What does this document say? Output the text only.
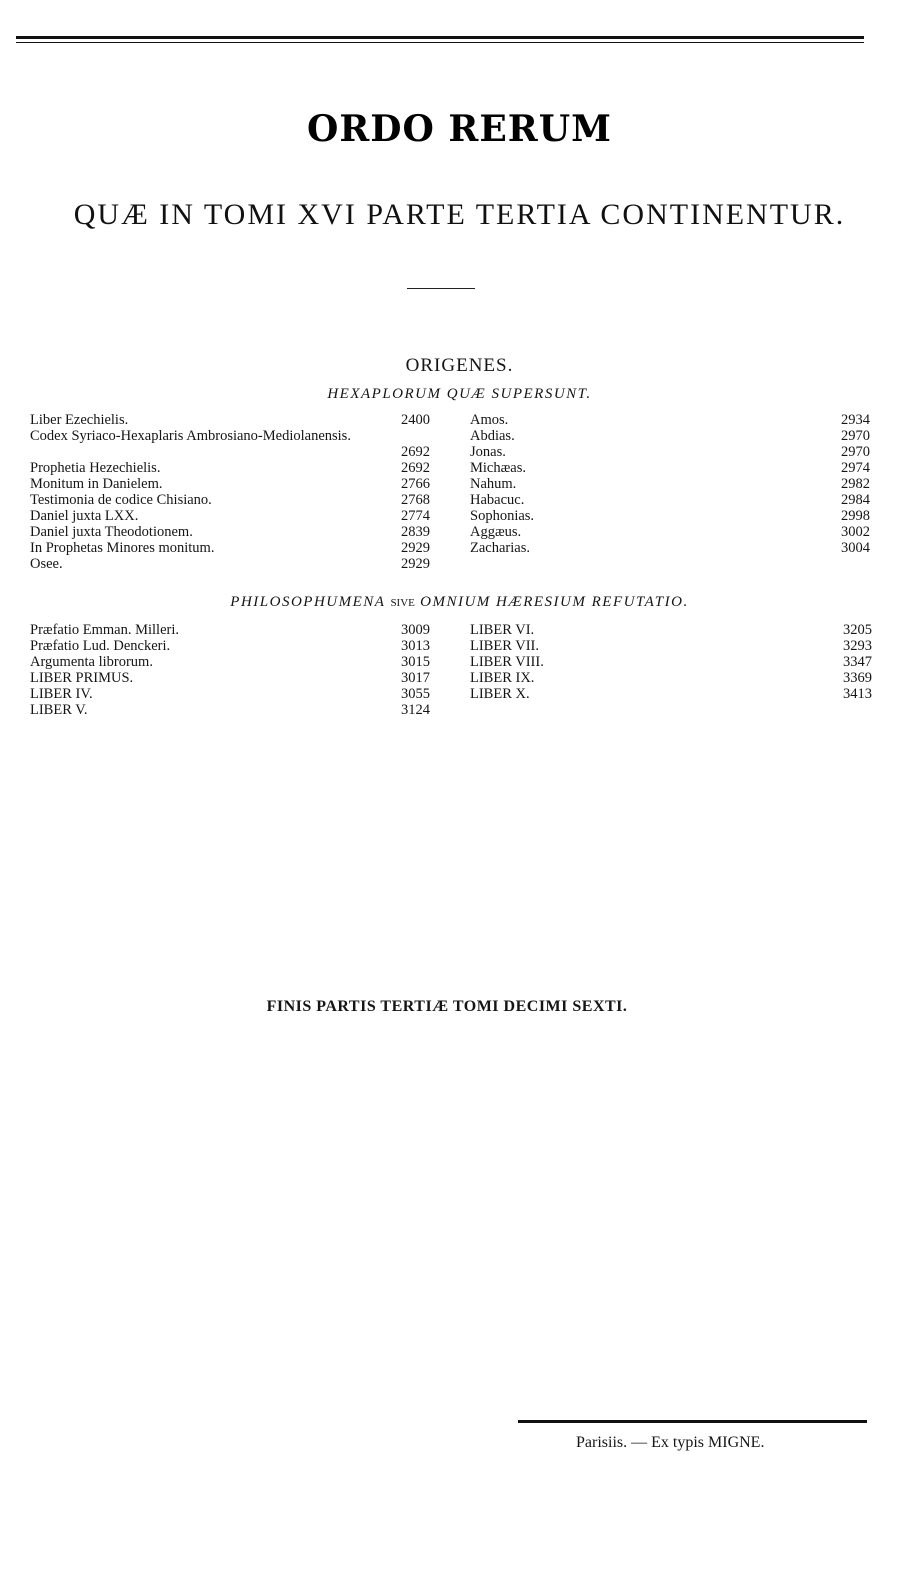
ORDO RERUM
QUÆ IN TOMI XVI PARTE TERTIA CONTINENTUR.
ORIGENES.
HEXAPLORUM QUÆ SUPERSUNT.
Liber Ezechielis.	2400
Codex Syriaco-Hexaplaris Ambrosiano-Mediolanensis.
2692
Prophetia Hezechielis.	2692
Monitum in Danielem.	2766
Testimonia de codice Chisiano.	2768
Daniel juxta LXX.	2774
Daniel juxta Theodotionem.	2839
In Prophetas Minores monitum.	2929
Osee.	2929
Amos.	2934
Abdias.	2970
Jonas.	2970
Michæas.	2974
Nahum.	2982
Habacuc.	2984
Sophonias.	2998
Aggæus.	3002
Zacharias.	3004
PHILOSOPHUMENA SIVE OMNIUM HÆRESIUM REFUTATIO.
Præfatio Emman. Milleri.	3009
Præfatio Lud. Denckeri.	3013
Argumenta librorum.	3015
LIBER PRIMUS.	3017
LIBER IV.	3055
LIBER V.	3124
LIBER VI.	3205
LIBER VII.	3293
LIBER VIII.	3347
LIBER IX.	3369
LIBER X.	3413
FINIS PARTIS TERTIÆ TOMI DECIMI SEXTI.
Parisiis. — Ex typis MIGNE.
